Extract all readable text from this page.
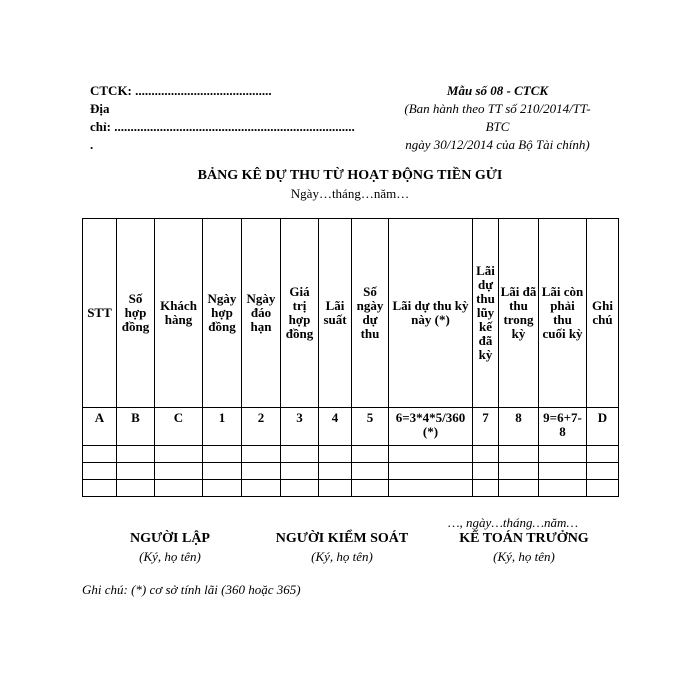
CTCK: ..........................................
Địa
chỉ: ..........................................................................
.
Mẫu số 08 - CTCK
(Ban hành theo TT số 210/2014/TT-
BTC
ngày 30/12/2014 của Bộ Tài chính)
BẢNG KÊ DỰ THU TỪ HOẠT ĐỘNG TIỀN GỬI
Ngày…tháng…năm…
STT	Số hợp đồng	Khách hàng	Ngày hợp đồng	Ngày đáo hạn	Giá trị hợp đồng	Lãi suất	Số ngày dự thu	Lãi dự thu kỳ này (*)	Lãi dự thu lũy kế đã kỳ	Lãi đã thu trong kỳ	Lãi còn phải thu cuối kỳ	Ghi chú
A	B	C	1	2	3	4	5	6=3*4*5/360 (*)	7	8	9=6+7-8	D

…, ngày…tháng…năm…
NGƯỜI LẬP
(Ký, họ tên)
NGƯỜI KIỂM SOÁT
(Ký, họ tên)
KẾ TOÁN TRƯỞNG
(Ký, họ tên)
Ghi chú: (*) cơ sở tính lãi (360 hoặc 365)
